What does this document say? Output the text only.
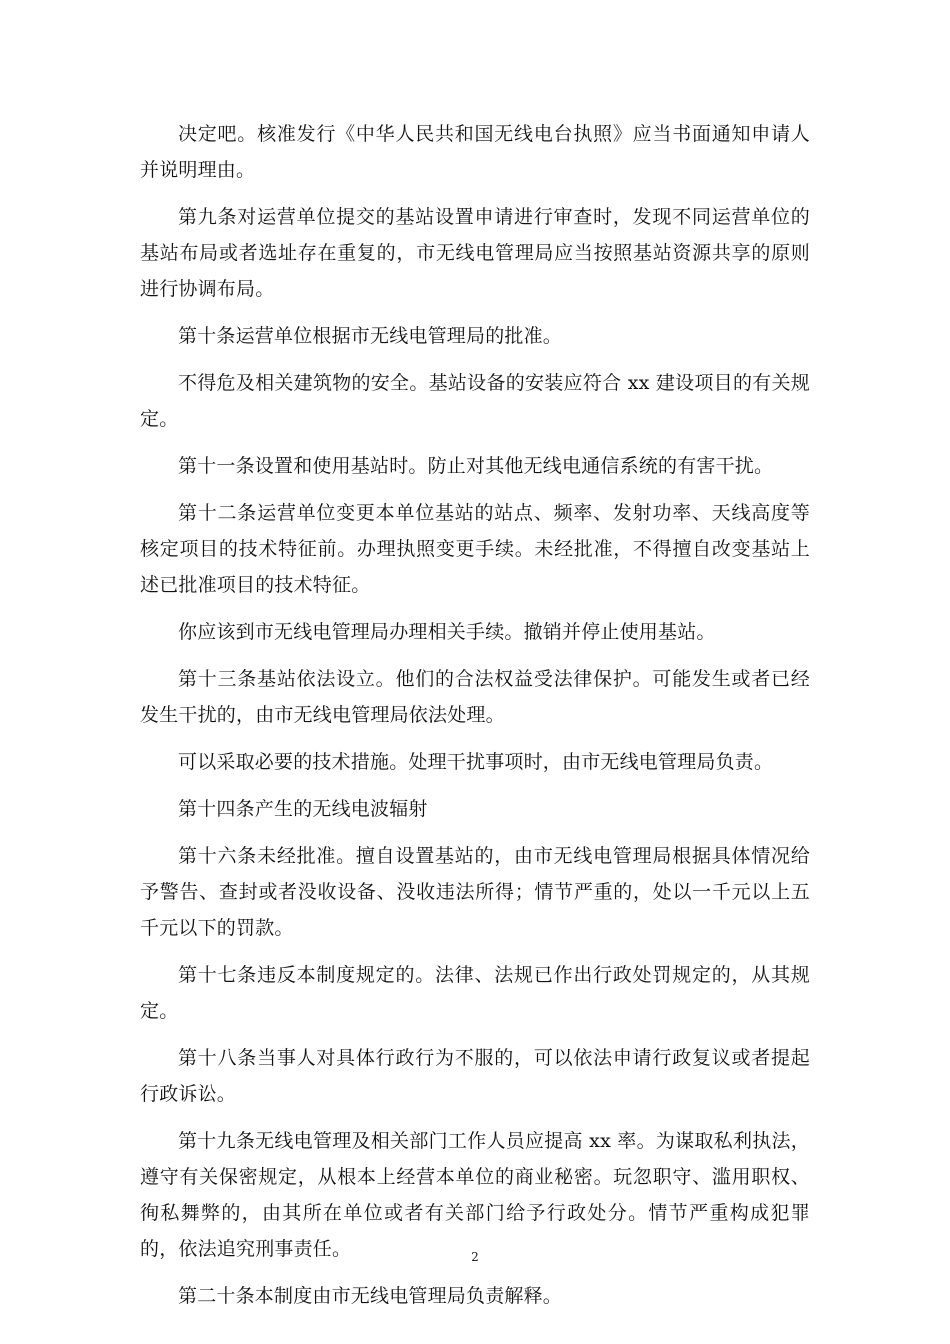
决定吧。核准发行《中华人民共和国无线电台执照》应当书面通知申请人并说明理由。

第九条对运营单位提交的基站设置申请进行审查时，发现不同运营单位的基站布局或者选址存在重复的，市无线电管理局应当按照基站资源共享的原则进行协调布局。

第十条运营单位根据市无线电管理局的批准。

不得危及相关建筑物的安全。基站设备的安装应符合 xx 建设项目的有关规定。

第十一条设置和使用基站时。防止对其他无线电通信系统的有害干扰。

第十二条运营单位变更本单位基站的站点、频率、发射功率、天线高度等核定项目的技术特征前。办理执照变更手续。未经批准，不得擅自改变基站上述已批准项目的技术特征。

你应该到市无线电管理局办理相关手续。撤销并停止使用基站。

第十三条基站依法设立。他们的合法权益受法律保护。可能发生或者已经发生干扰的，由市无线电管理局依法处理。

可以采取必要的技术措施。处理干扰事项时，由市无线电管理局负责。

第十四条产生的无线电波辐射

第十六条未经批准。擅自设置基站的，由市无线电管理局根据具体情况给予警告、查封或者没收设备、没收违法所得；情节严重的，处以一千元以上五千元以下的罚款。

第十七条违反本制度规定的。法律、法规已作出行政处罚规定的，从其规定。

第十八条当事人对具体行政行为不服的，可以依法申请行政复议或者提起行政诉讼。

第十九条无线电管理及相关部门工作人员应提高 xx 率。为谋取私利执法，遵守有关保密规定，从根本上经营本单位的商业秘密。玩忽职守、滥用职权、徇私舞弊的，由其所在单位或者有关部门给予行政处分。情节严重构成犯罪的，依法追究刑事责任。

第二十条本制度由市无线电管理局负责解释。

2
